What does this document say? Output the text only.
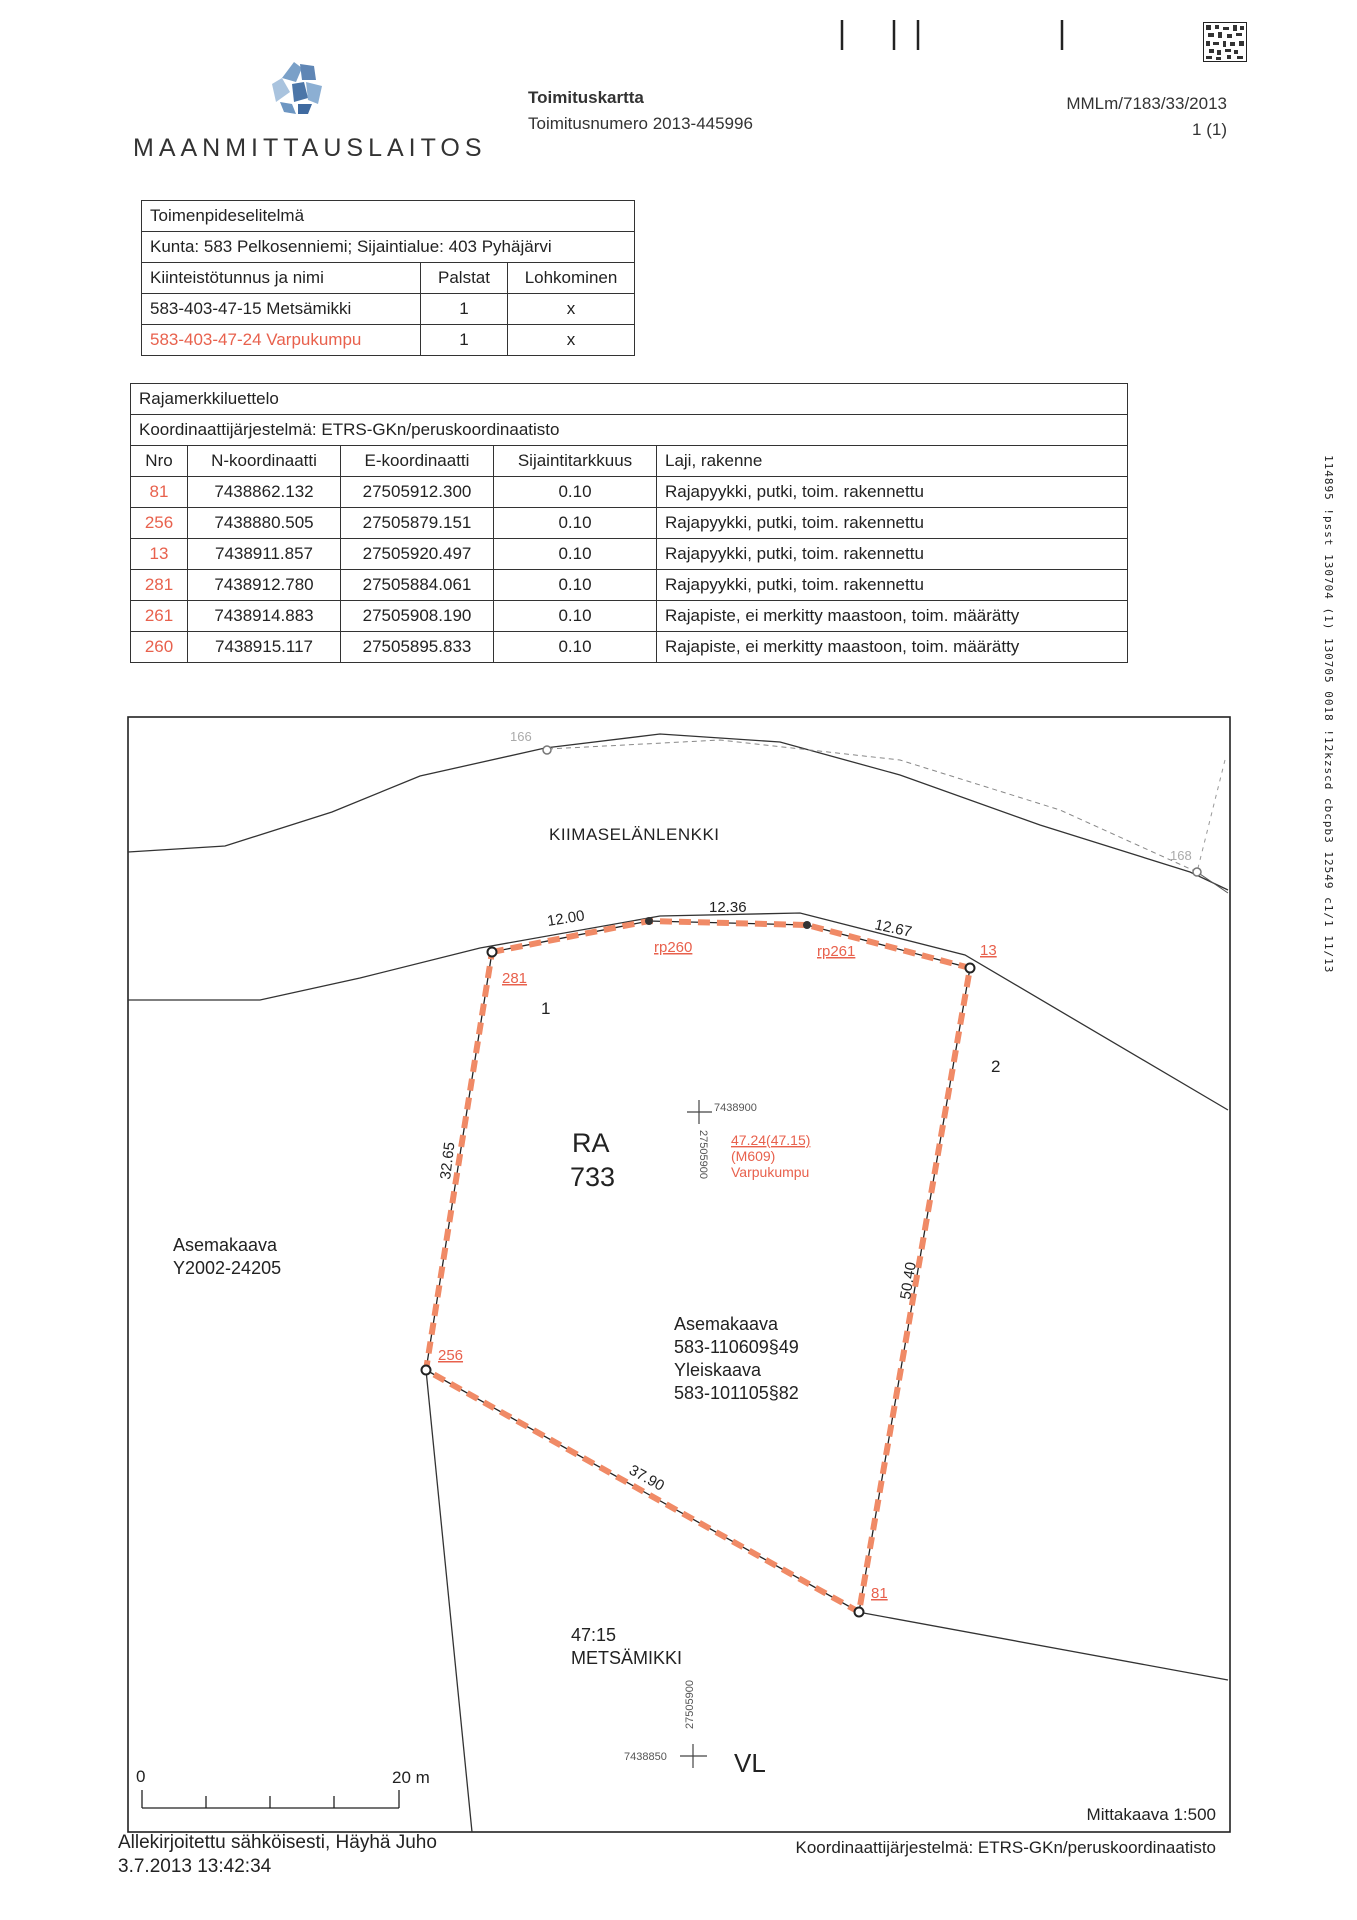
MAANMITTAUSLAITOS
Toimituskartta
Toimitusnumero 2013-445996
MMLm/7183/33/2013
1 (1)
114895 !psst 130704 (1) 130705 0018 !12kzscd cbcpb3 12549 c1/1 11/13
Toimenpideselitelmä		
Kunta: 583 Pelkosenniemi; Sijaintialue: 403 Pyhäjärvi		
Kiinteistötunnus ja nimi	Palstat	Lohkominen
583-403-47-15 Metsämikki	1	x
583-403-47-24 Varpukumpu	1	x
Rajamerkkiluettelo				
Koordinaattijärjestelmä: ETRS-GKn/peruskoordinaatisto				
Nro	N-koordinaatti	E-koordinaatti	Sijaintitarkkuus	Laji, rakenne
81	7438862.132	27505912.300	0.10	Rajapyykki, putki, toim. rakennettu
256	7438880.505	27505879.151	0.10	Rajapyykki, putki, toim. rakennettu
13	7438911.857	27505920.497	0.10	Rajapyykki, putki, toim. rakennettu
281	7438912.780	27505884.061	0.10	Rajapyykki, putki, toim. rakennettu
261	7438914.883	27505908.190	0.10	Rajapiste, ei merkitty maastoon, toim. määrätty
260	7438915.117	27505895.833	0.10	Rajapiste, ei merkitty maastoon, toim. määrätty
166
168
281
rp260	rp261	13
256
81
12.00	12.36
12.67
32.65
50.40
37.90
KIIMASELÄNLENKKI
1
2
RA
733
7438900
27505900 47.24(47.15)
(M609)
Varpukumpu
Asemakaava
Y2002-24205
Asemakaava
583-110609§49
Yleiskaava
583-101105§82
47:15
METSÄMIKKI
7438850
27505900
VL
0	20 m
Mittakaava 1:500
Allekirjoitettu sähköisesti, Häyhä Juho
3.7.2013 13:42:34
Koordinaattijärjestelmä: ETRS-GKn/peruskoordinaatisto
